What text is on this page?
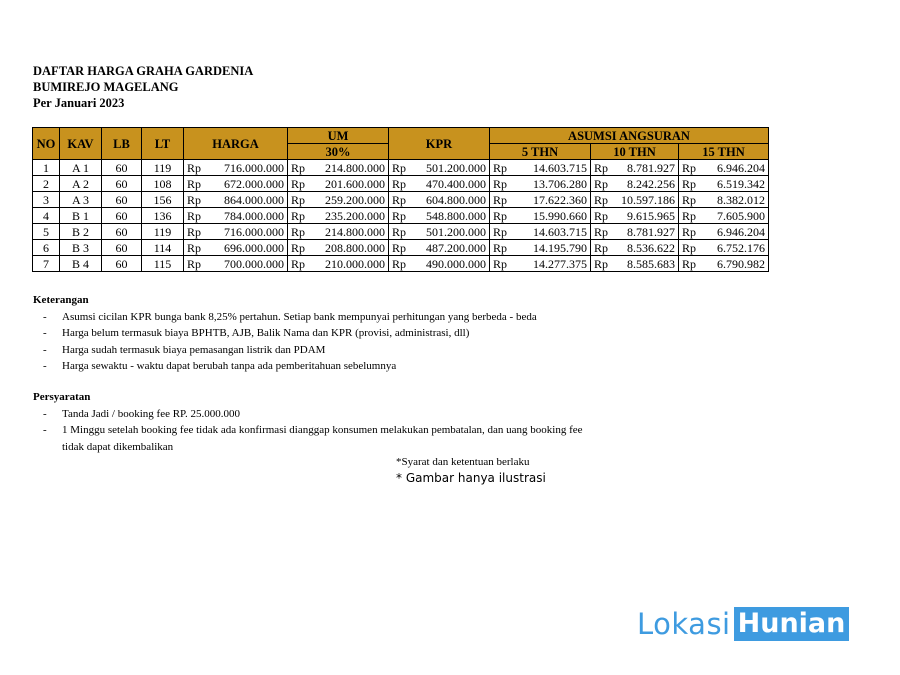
DAFTAR HARGA GRAHA GARDENIA
BUMIREJO MAGELANG
Per Januari 2023
NO	KAV	LB	LT	HARGA	UM	KPR	ASUMSI ANGSURAN		
					30%		5 THN	10 THN	15 THN
1	A 1	60	119	Rp 716.000.000	Rp 214.800.000	Rp 501.200.000	Rp 14.603.715	Rp 8.781.927	Rp 6.946.204

2	A 2	60	108	Rp 672.000.000	Rp 201.600.000	Rp 470.400.000	Rp 13.706.280	Rp 8.242.256	Rp 6.519.342

3	A 3	60	156	Rp 864.000.000	Rp 259.200.000	Rp 604.800.000	Rp 17.622.360	Rp 10.597.186	Rp 8.382.012

4	B 1	60	136	Rp 784.000.000	Rp 235.200.000	Rp 548.800.000	Rp 15.990.660	Rp 9.615.965	Rp 7.605.900

5	B 2	60	119	Rp 716.000.000	Rp 214.800.000	Rp 501.200.000	Rp 14.603.715	Rp 8.781.927	Rp 6.946.204

6	B 3	60	114	Rp 696.000.000	Rp 208.800.000	Rp 487.200.000	Rp 14.195.790	Rp 8.536.622	Rp 6.752.176

7	B 4	60	115	Rp 700.000.000	Rp 210.000.000	Rp 490.000.000	Rp 14.277.375	Rp 8.585.683	Rp 6.790.982
Keterangan
- Asumsi cicilan KPR bunga bank 8,25% pertahun. Setiap bank mempunyai perhitungan yang berbeda - beda
- Harga belum termasuk biaya BPHTB, AJB, Balik Nama dan KPR (provisi, administrasi, dll)
- Harga sudah termasuk biaya pemasangan listrik dan PDAM
- Harga sewaktu - waktu dapat berubah tanpa ada pemberitahuan sebelumnya
Persyaratan
- Tanda Jadi / booking fee RP. 25.000.000
- 1 Minggu setelah booking fee tidak ada konfirmasi dianggap konsumen melakukan pembatalan, dan uang booking fee
tidak dapat dikembalikan
*Syarat dan ketentuan berlaku
* Gambar hanya ilustrasi
Lokasi Hunian
